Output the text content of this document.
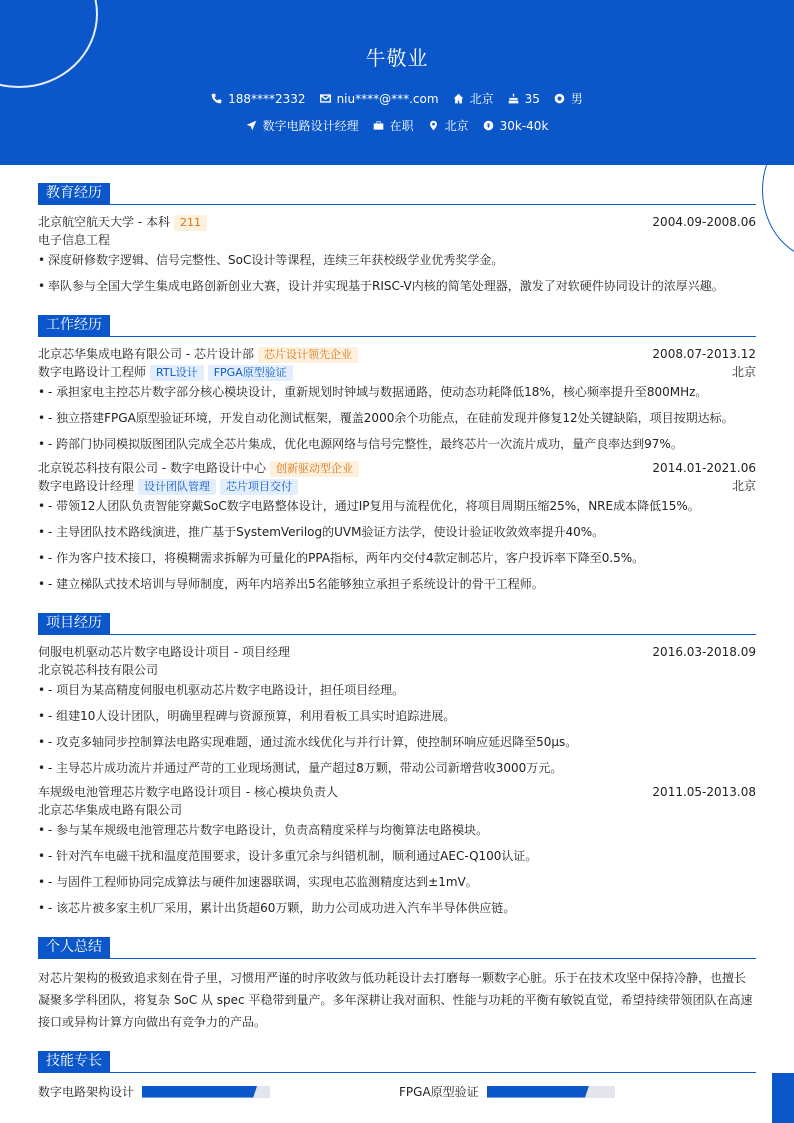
牛敬业
188****2332	niu****@***.com	北京	35	男
数字电路设计经理	在职	北京	30k-40k
教育经历
北京航空航天大学 - 本科 211	2004.09-2008.06
电子信息工程
• 深度研修数字逻辑、信号完整性、SoC设计等课程，连续三年获校级学业优秀奖学金。
• 率队参与全国大学生集成电路创新创业大赛，设计并实现基于RISC-V内核的简笔处理器，激发了对软硬件协同设计的浓厚兴趣。
工作经历
北京芯华集成电路有限公司 - 芯片设计部 芯片设计领先企业	2008.07-2013.12
数字电路设计工程师 RTL设计 FPGA原型验证	北京
• - 承担家电主控芯片数字部分核心模块设计，重新规划时钟域与数据通路，使动态功耗降低18%，核心频率提升至800MHz。
• - 独立搭建FPGA原型验证环境，开发自动化测试框架，覆盖2000余个功能点，在硅前发现并修复12处关键缺陷，项目按期达标。
• - 跨部门协同模拟版图团队完成全芯片集成，优化电源网络与信号完整性，最终芯片一次流片成功，量产良率达到97%。
北京锐芯科技有限公司 - 数字电路设计中心 创新驱动型企业	2014.01-2021.06
数字电路设计经理 设计团队管理 芯片项目交付	北京
• - 带领12人团队负责智能穿戴SoC数字电路整体设计，通过IP复用与流程优化，将项目周期压缩25%，NRE成本降低15%。
• - 主导团队技术路线演进，推广基于SystemVerilog的UVM验证方法学，使设计验证收敛效率提升40%。
• - 作为客户技术接口，将模糊需求拆解为可量化的PPA指标，两年内交付4款定制芯片，客户投诉率下降至0.5%。
• - 建立梯队式技术培训与导师制度，两年内培养出5名能够独立承担子系统设计的骨干工程师。
项目经历
伺服电机驱动芯片数字电路设计项目 - 项目经理	2016.03-2018.09
北京锐芯科技有限公司
• - 项目为某高精度伺服电机驱动芯片数字电路设计，担任项目经理。
• - 组建10人设计团队，明确里程碑与资源预算，利用看板工具实时追踪进展。
• - 攻克多轴同步控制算法电路实现难题，通过流水线优化与并行计算，使控制环响应延迟降至50μs。
• - 主导芯片成功流片并通过严苛的工业现场测试，量产超过8万颗，带动公司新增营收3000万元。
车规级电池管理芯片数字电路设计项目 - 核心模块负责人	2011.05-2013.08
北京芯华集成电路有限公司
• - 参与某车规级电池管理芯片数字电路设计，负责高精度采样与均衡算法电路模块。
• - 针对汽车电磁干扰和温度范围要求，设计多重冗余与纠错机制，顺利通过AEC-Q100认证。
• - 与固件工程师协同完成算法与硬件加速器联调，实现电芯监测精度达到±1mV。
• - 该芯片被多家主机厂采用，累计出货超60万颗，助力公司成功进入汽车半导体供应链。
个人总结
对芯片架构的极致追求刻在骨子里，习惯用严谨的时序收敛与低功耗设计去打磨每一颗数字心脏。乐于在技术攻坚中保持冷静，也擅长凝聚多学科团队，将复杂 SoC 从 spec 平稳带到量产。多年深耕让我对面积、性能与功耗的平衡有敏锐直觉，希望持续带领团队在高速接口或异构计算方向做出有竞争力的产品。
技能专长
数字电路架构设计	FPGA原型验证
